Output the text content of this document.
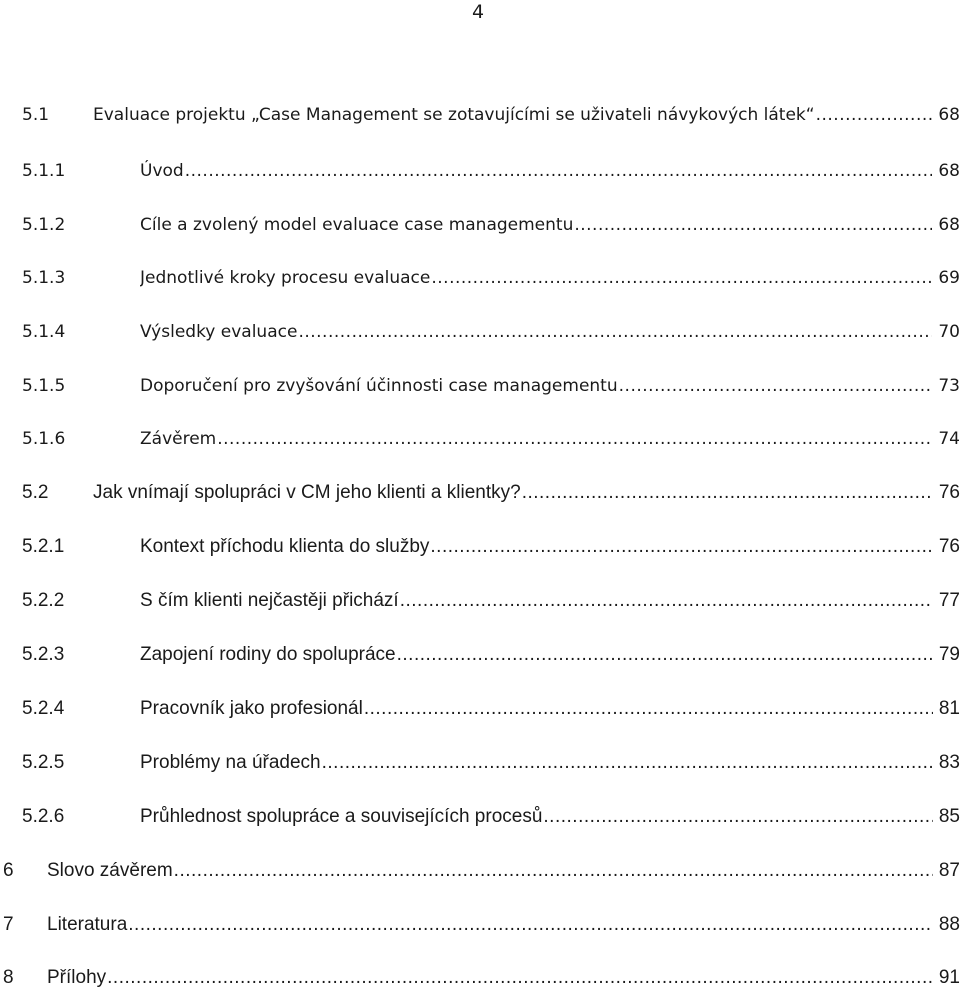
4
5.1	Evaluace projektu „Case Management se zotavujícími se uživateli návykových látek“ .....	68
5.1.1	Úvod .....	68
5.1.2	Cíle a zvolený model evaluace case managementu .....	68
5.1.3	Jednotlivé kroky procesu evaluace .....	69
5.1.4	Výsledky evaluace .....	70
5.1.5	Doporučení pro zvyšování účinnosti case managementu .....	73
5.1.6	Závěrem .....	74
5.2 Jak vnímají spolupráci v CM jeho klienti a klientky? .....	76
5.2.1	Kontext příchodu klienta do služby .....	76
5.2.2	S čím klienti nejčastěji přichází .....	77
5.2.3	Zapojení rodiny do spolupráce .....	79
5.2.4	Pracovník jako profesionál .....	81
5.2.5	Problémy na úřadech .....	83
5.2.6	Průhlednost spolupráce a souvisejících procesů .....	85
6 Slovo závěrem .....	87
7 Literatura .....	88
8 Přílohy .....	91
